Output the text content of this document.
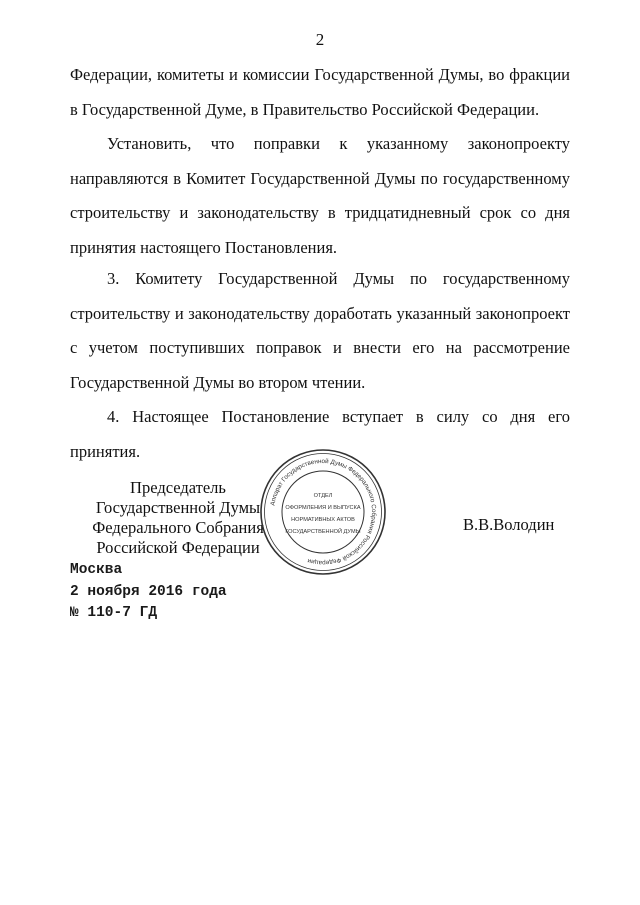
2
Федерации, комитеты и комиссии Государственной Думы, во фракции в Государственной Думе, в Правительство Российской Федерации.
Установить, что поправки к указанному законопроекту направляются в Комитет Государственной Думы по государственному строительству и законодательству в тридцатидневный срок со дня принятия настоящего Постановления.
3. Комитету Государственной Думы по государственному строительству и законодательству доработать указанный законопроект с учетом поступивших поправок и внести его на рассмотрение Государственной Думы во втором чтении.
4. Настоящее Постановление вступает в силу со дня его принятия.
Председатель Государственной Думы
Федерального Собрания
Российской Федерации
Аппарат Государственной Думы Федерального Собрания Российской Федерации
ОТДЕЛ
ОФОРМЛЕНИЯ И ВЫПУСКА
НОРМАТИВНЫХ АКТОВ
ГОСУДАРСТВЕННОЙ ДУМЫ	В.В.Володин
Москва
2 ноября 2016 года
№ 110-7 ГД
